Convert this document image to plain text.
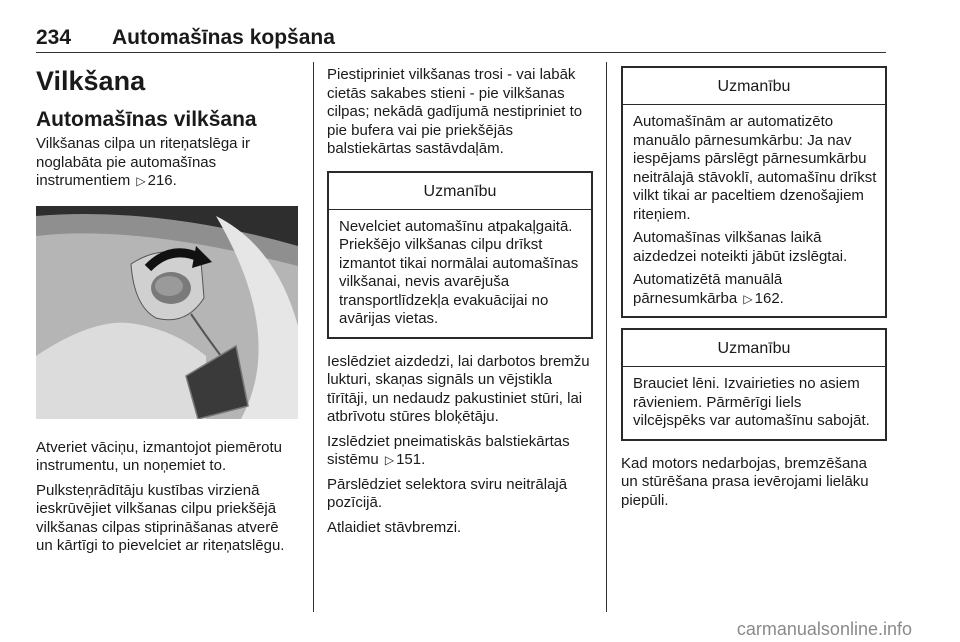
234 Automašīnas kopšana
Vilkšana
Automašīnas vilkšana

Vilkšanas cilpa un riteņatslēga ir noglabāta pie automašīnas instrumentiem ▷ 216.

Atveriet vāciņu, izmantojot piemērotu instrumentu, un noņemiet to.

Pulksteņrādītāju kustības virzienā ieskrūvējiet vilkšanas cilpu priekšējā vilkšanas cilpas stiprināšanas atverē un kārtīgi to pievelciet ar riteņatslēgu.

Piestipriniet vilkšanas trosi - vai labāk cietās sakabes stieni - pie vilkšanas cilpas; nekādā gadījumā nestipriniet to pie bufera vai pie priekšējās balstiekārtas sastāvdaļām.

Uzmanību

Nevelciet automašīnu atpakaļgaitā. Priekšējo vilkšanas cilpu drīkst izmantot tikai normālai automašīnas vilkšanai, nevis avarējuša transportlīdzekļa evakuācijai no avārijas vietas.

Ieslēdziet aizdedzi, lai darbotos bremžu lukturi, skaņas signāls un vējstikla tīrītāji, un nedaudz pakustiniet stūri, lai atbrīvotu stūres bloķētāju.

Izslēdziet pneimatiskās balstiekārtas sistēmu ▷ 151.

Pārslēdziet selektora sviru neitrālajā pozīcijā.

Atlaidiet stāvbremzi.

Uzmanību

Automašīnām ar automatizēto manuālo pārnesumkārbu: Ja nav iespējams pārslēgt pārnesumkārbu neitrālajā stāvoklī, automašīnu drīkst vilkt tikai ar paceltiem dzenošajiem riteņiem.

Automašīnas vilkšanas laikā aizdedzei noteikti jābūt izslēgtai.

Automatizētā manuālā pārnesumkārba ▷ 162.

Uzmanību

Brauciet lēni. Izvairieties no asiem rāvieniem. Pārmērīgi liels vilcējspēks var automašīnu sabojāt.

Kad motors nedarbojas, bremzēšana un stūrēšana prasa ievērojami lielāku piepūli.

carmanualsonline.info
